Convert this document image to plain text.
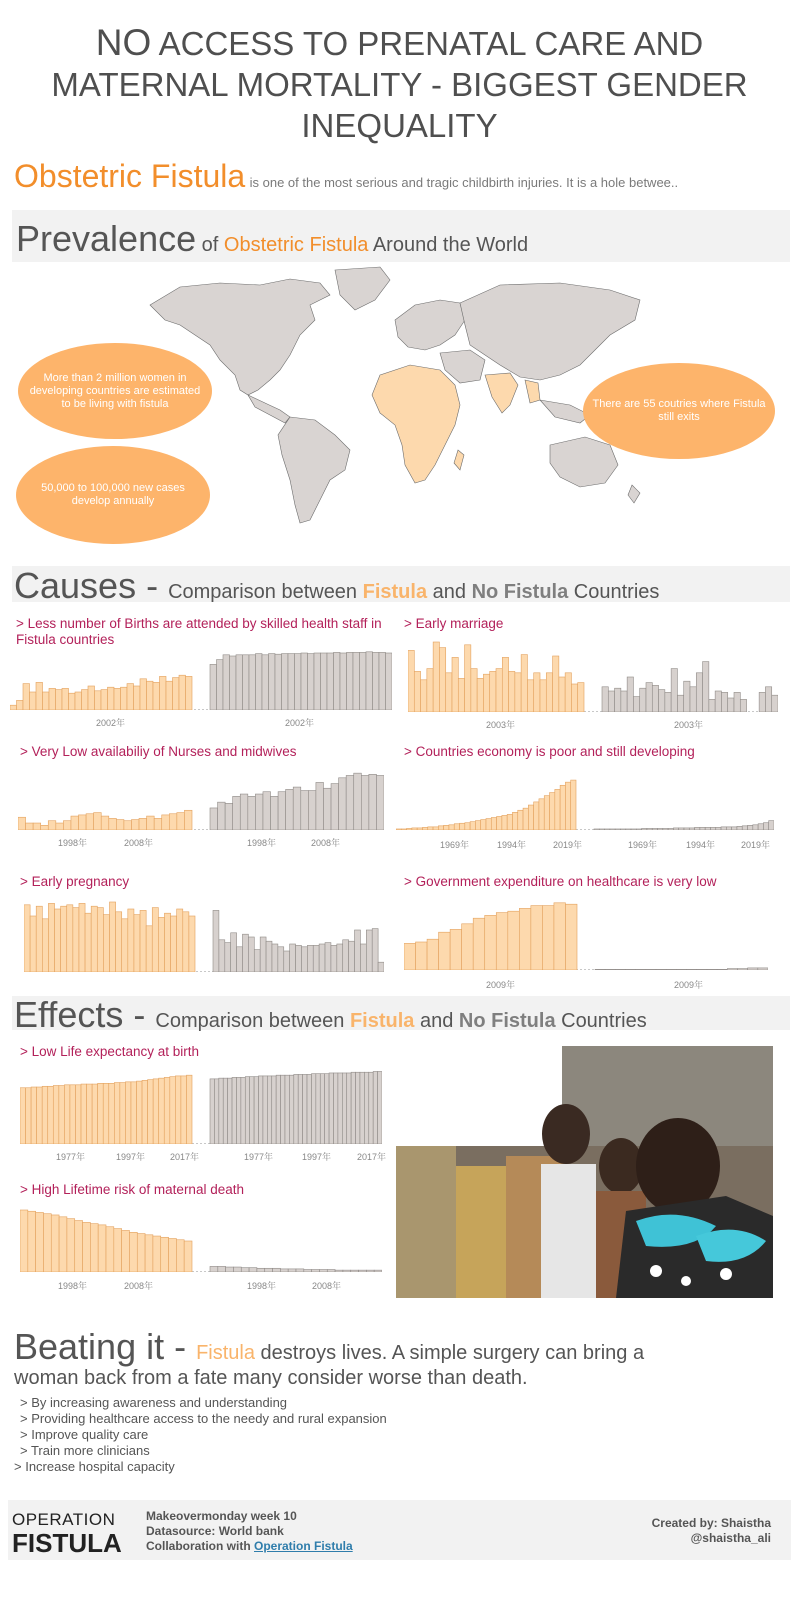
NO ACCESS TO PRENATAL CARE AND
MATERNAL MORTALITY - BIGGEST GENDER
INEQUALITY
Obstetric Fistula is one of the most serious and tragic childbirth injuries. It is a hole betwee..
Prevalence of Obstetric Fistula Around the World
More than 2 million women in developing countries are estimated to be living with fistula
50,000 to 100,000 new cases develop annually
There are 55 coutries where Fistula still exits
Causes - Comparison between Fistula and No Fistula Countries
> Less number of Births are attended by skilled health staff in Fistula countries
2002年	2002年
> Early marriage
2003年	2003年
> Very Low availabiliy of Nurses and midwives
1998年	2008年	1998年	2008年
> Countries economy is poor and still developing
1969年	1994年	2019年	1969年	1994年	2019年
> Early pregnancy	> Government expenditure on healthcare is very low
2009年	2009年
Effects - Comparison between Fistula and No Fistula Countries
> Low Life expectancy at birth
1977年	1997年	2017年	1977年	1997年	2017年
> High Lifetime risk of maternal death
1998年	2008年	1998年	2008年
Beating it - Fistula destroys lives. A simple surgery can bring a
woman back from a fate many consider worse than death.
> By increasing awareness and understanding
> Providing healthcare access to the needy and rural expansion
> Improve quality care
> Train more clinicians
> Increase hospital capacity
OPERATION
FISTULA
Makeovermonday week 10
Datasource: World bank
Collaboration with Operation Fistula
Created by: Shaistha
@shaistha_ali
